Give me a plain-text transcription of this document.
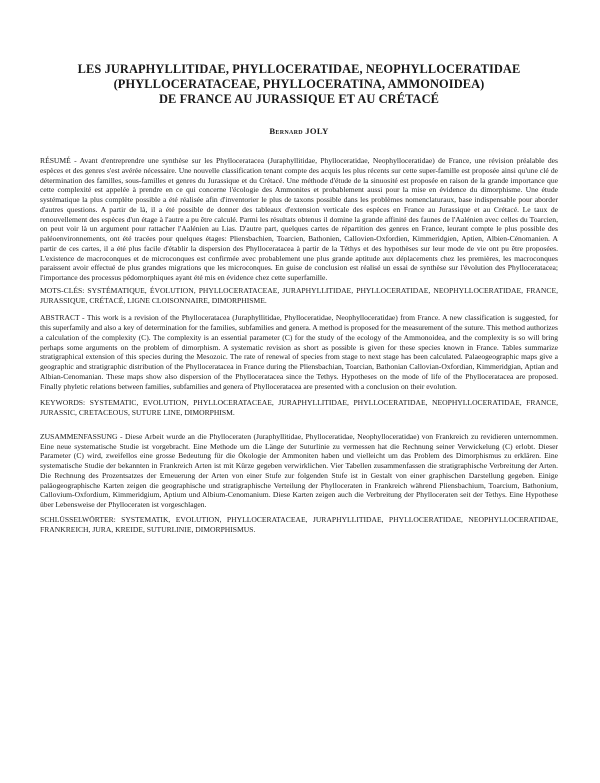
LES JURAPHYLLITIDAE, PHYLLOCERATIDAE, NEOPHYLLOCERATIDAE
(PHYLLOCERATACEAE, PHYLLOCERATINA, AMMONOIDEA)
DE FRANCE AU JURASSIQUE ET AU CRÉTACÉ
Bernard JOLY

RÉSUMÉ - Avant d'entreprendre une synthèse sur les Phylloceratacea (Juraphyllitidae, Phylloceratidae, Neophylloceratidae) de France, une révision préalable des espèces et des genres s'est avérée nécessaire. Une nouvelle classification tenant compte des acquis les plus récents sur cette super-famille est proposée ainsi qu'une clé de détermination des familles, sous-familles et genres du Jurassique et du Crétacé. Une méthode d'étude de la sinuosité est proposée en raison de la grande importance que cette complexité est appelée à prendre en ce qui concerne l'écologie des Ammonites et probablement aussi pour la mise en évidence du dimorphisme. Une étude systématique la plus complète possible a été réalisée afin d'inventorier le plus de taxons possible dans les problèmes nomenclaturaux, base indispensable pour aborder d'autres questions. A partir de là, il a été possible de donner des tableaux d'extension verticale des espèces en France au Jurassique et au Crétacé. Le taux de renouvellement des espèces d'un étage à l'autre a pu être calculé. Parmi les résultats obtenus il domine la grande affinité des faunes de l'Aalénien avec celles du Toarcien, on peut voir là un argument pour rattacher l'Aalénien au Lias. D'autre part, quelques cartes de répartition des genres en France, leurant compte le plus possible des paléoenvironnements, ont été tracées pour quelques étages: Pliensbachien, Toarcien, Bathonien, Callovien-Oxfordien, Kimmeridgien, Aptien, Albien-Cénomanien. A partir de ces cartes, il a été plus facile d'établir la dispersion des Phylloceratacea à partir de la Téthys et des hypothèses sur leur mode de vie ont pu être proposées. L'existence de macroconques et de microconques est confirmée avec probablement une plus grande aptitude aux déplacements chez les premières, les macroconques paraissent avoir effectué de plus grandes migrations que les microconques. En guise de conclusion est réalisé un essai de synthèse sur l'évolution des Phylloceratacea; l'importance des processus pédomorphiques ayant été mis en évidence chez cette superfamille.

MOTS-CLÉS: SYSTÉMATIQUE, ÉVOLUTION, PHYLLOCERATACEAE, JURAPHYLLITIDAE, PHYLLOCERATIDAE, NEOPHYLLOCERATIDAE, FRANCE, JURASSIQUE, CRÉTACÉ, LIGNE CLOISONNAIRE, DIMORPHISME.

ABSTRACT - This work is a revision of the Phylloceratacea (Juraphyllitidae, Phylloceratidae, Neophylloceratidae) from France. A new classification is suggested, for this superfamily and also a key of determination for the families, subfamilies and genera. A method is proposed for the measurement of the suture. This method authorizes a calculation of the complexity (C). The complexity is an essential parameter (C) for the study of the ecology of the Ammonoidea, and the complexity is so will bring perhaps some arguments on the problem of dimorphism. A systematic revision as short as possible is given for these species known in France. Tables summarize stratigraphical extension of this species during the Mesozoic. The rate of renewal of species from stage to next stage has been calculated. Palaeogeographic maps give a geographic and stratigraphic distribution of the Phylloceratacea in France during the Pliensbachian, Toarcian, Bathonian Callovian-Oxfordian, Kimmeridgian, Aptian and Albian-Cenomanian. These maps show also dispersion of the Phylloceratacea since the Tethys. Hypotheses on the mode of life of the Phylloceratacea are proposed. Finally phyletic relations between families, subfamilies and genera of Phylloceratacea are presented with a conclusion on their evolution.

KEYWORDS: SYSTEMATIC, EVOLUTION, PHYLLOCERATACEAE, JURAPHYLLITIDAE, PHYLLOCERATIDAE, NEOPHYLLOCERATIDAE, FRANCE, JURASSIC, CRETACEOUS, SUTURE LINE, DIMORPHISM.

ZUSAMMENFASSUNG - Diese Arbeit wurde an die Phylloceraten (Juraphyllitidae, Phylloceratidae, Neophylloceratidae) von Frankreich zu revidieren unternommen. Eine neue systematische Studie ist vorgebracht. Eine Methode um die Länge der Suturlinie zu vermessen hat die Rechnung seiner Verwickelung (C) erlobt. Dieser Parameter (C) wird, zweifellos eine grosse Bedeutung für die Ökologie der Ammoniten haben und vielleicht um das Problem des Dimorphismus zu erklären. Eine systematische Studie der bekannten in Frankreich Arten ist mit Kürze gegeben verwirklichen. Vier Tabellen zusammenfassen die stratigraphische Verbreitung der Arten. Die Rechnung des Prozentsatzes der Erneuerung der Arten von einer Stufe zur folgenden Stufe ist in Gestalt von einer graphischen Darstellung gegeben. Einige paläogeographische Karten zeigen die geographische und stratigraphische Verteilung der Phylloceraten in Frankreich während Pliensbachium, Toarcium, Bathonium, Callovium-Oxfordium, Kimmeridgium, Aptium und Albium-Cenomanium. Diese Karten zeigen auch die Verbreitung der Phylloceraten seit der Tethys. Eine Hypothese über Lebensweise der Phylloceraten ist vorgeschlagen.

SCHLÜSSELWÖRTER: SYSTEMATIK, EVOLUTION, PHYLLOCERATACEAE, JURAPHYLLITIDAE, PHYLLOCERATIDAE, NEOPHYLLOCERATIDAE, FRANKREICH, JURA, KREIDE, SUTURLINIE, DIMORPHISMUS.
